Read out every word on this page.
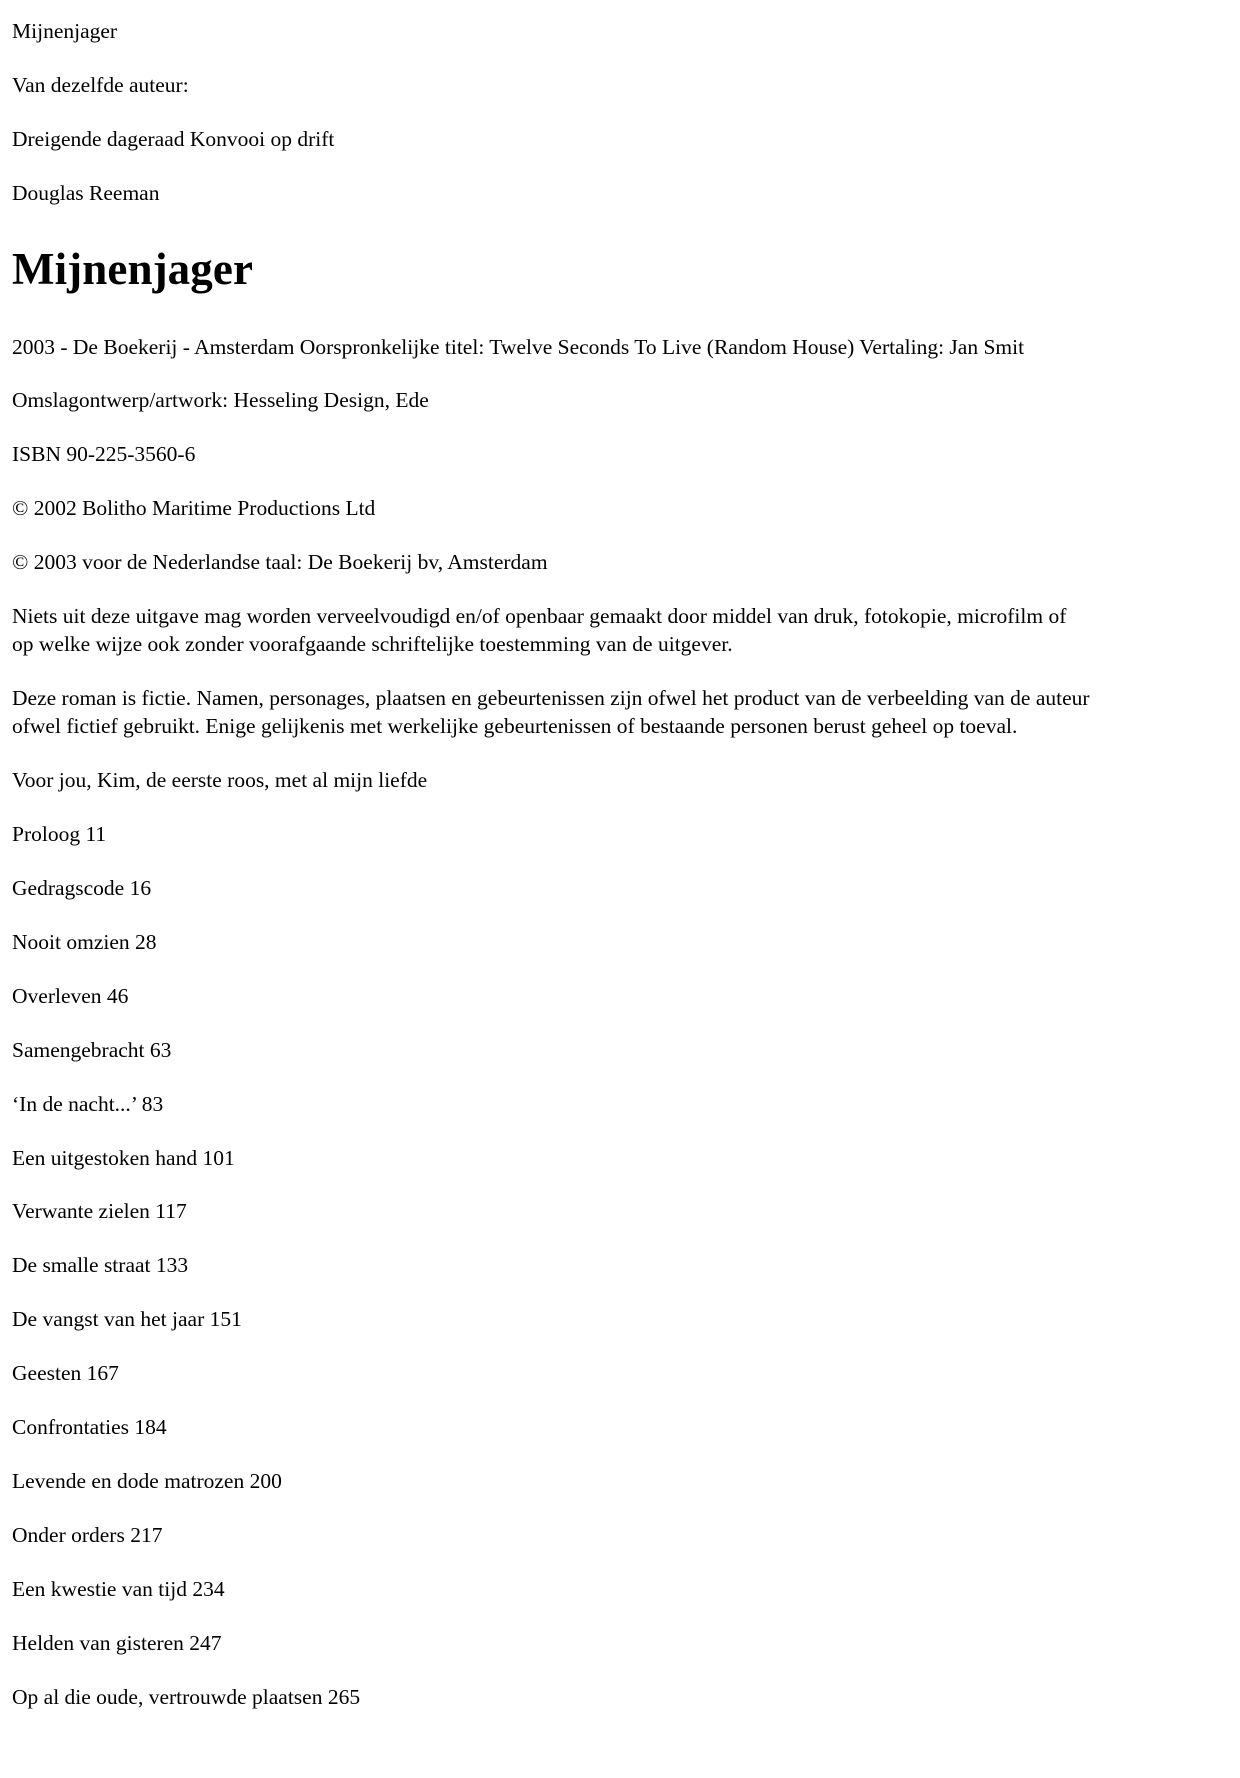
Mijnenjager

Van dezelfde auteur:

Dreigende dageraad Konvooi op drift

Douglas Reeman

Mijnenjager

2003 - De Boekerij - Amsterdam Oorspronkelijke titel: Twelve Seconds To Live (Random House) Vertaling: Jan Smit

Omslagontwerp/artwork: Hesseling Design, Ede

ISBN 90-225-3560-6

© 2002 Bolitho Maritime Productions Ltd

© 2003 voor de Nederlandse taal: De Boekerij bv, Amsterdam

Niets uit deze uitgave mag worden verveelvoudigd en/of openbaar gemaakt door middel van druk, fotokopie, microfilm of op welke wijze ook zonder voorafgaande schriftelijke toestemming van de uitgever.

Deze roman is fictie. Namen, personages, plaatsen en gebeurtenissen zijn ofwel het product van de verbeelding van de auteur ofwel fictief gebruikt. Enige gelijkenis met werkelijke gebeurtenissen of bestaande personen berust geheel op toeval.

Voor jou, Kim, de eerste roos, met al mijn liefde

Proloog 11
Gedragscode 16
Nooit omzien 28
Overleven 46
Samengebracht 63
‘In de nacht...’ 83
Een uitgestoken hand 101
Verwante zielen 117
De smalle straat 133
De vangst van het jaar 151
Geesten 167
Confrontaties 184
Levende en dode matrozen 200
Onder orders 217
Een kwestie van tijd 234
Helden van gisteren 247
Op al die oude, vertrouwde plaatsen 265
